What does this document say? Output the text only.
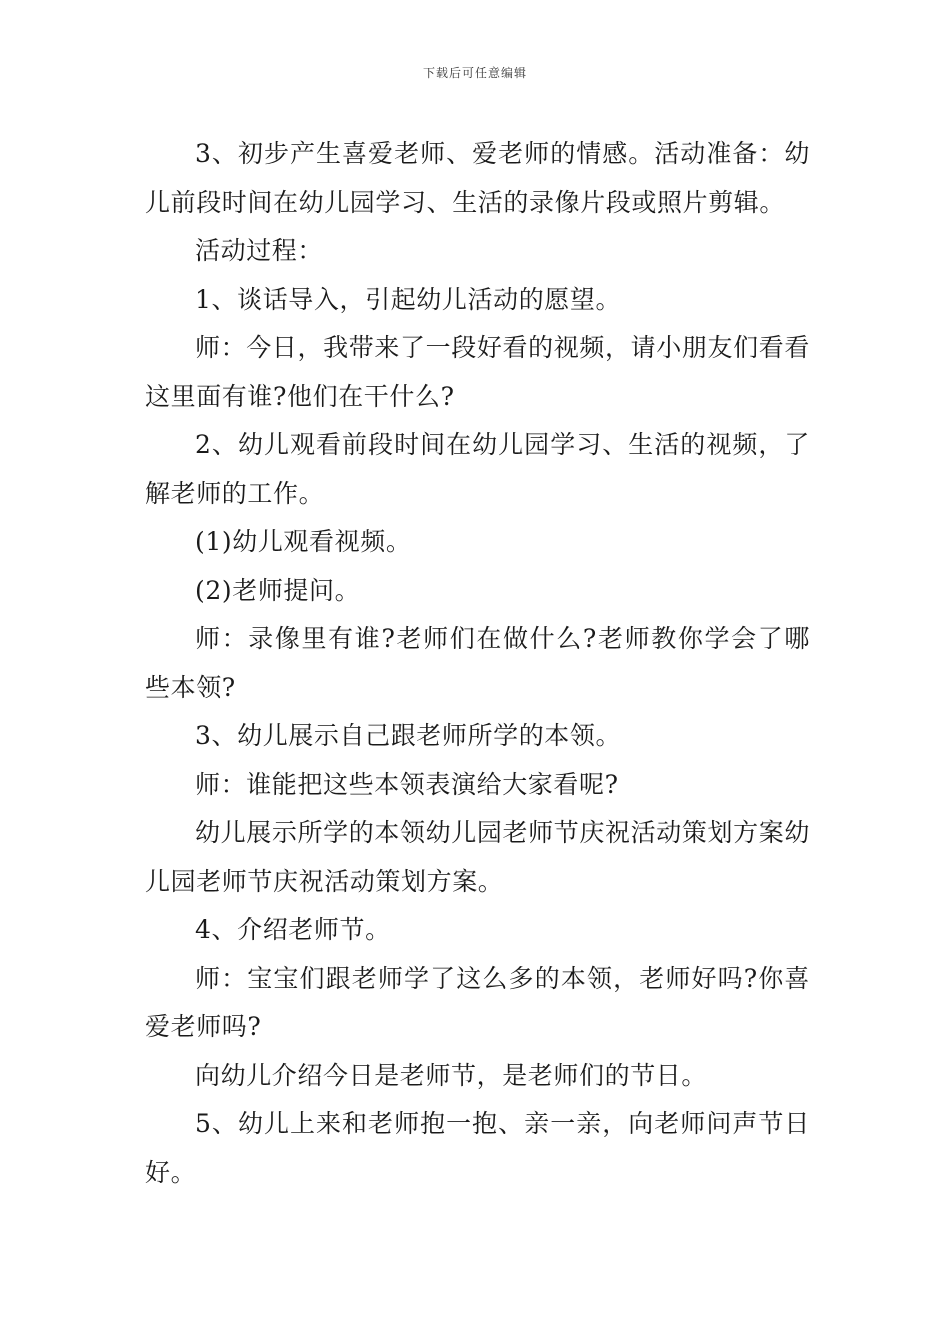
下载后可任意编辑

3、初步产生喜爱老师、爱老师的情感。活动准备：幼儿前段时间在幼儿园学习、生活的录像片段或照片剪辑。

活动过程：

1、谈话导入，引起幼儿活动的愿望。

师：今日，我带来了一段好看的视频，请小朋友们看看这里面有谁?他们在干什么?

2、幼儿观看前段时间在幼儿园学习、生活的视频，了解老师的工作。

(1)幼儿观看视频。

(2)老师提问。

师：录像里有谁?老师们在做什么?老师教你学会了哪些本领?

3、幼儿展示自己跟老师所学的本领。

师：谁能把这些本领表演给大家看呢?

幼儿展示所学的本领幼儿园老师节庆祝活动策划方案幼儿园老师节庆祝活动策划方案。

4、介绍老师节。

师：宝宝们跟老师学了这么多的本领，老师好吗?你喜爱老师吗?

向幼儿介绍今日是老师节，是老师们的节日。

5、幼儿上来和老师抱一抱、亲一亲，向老师问声节日好。
